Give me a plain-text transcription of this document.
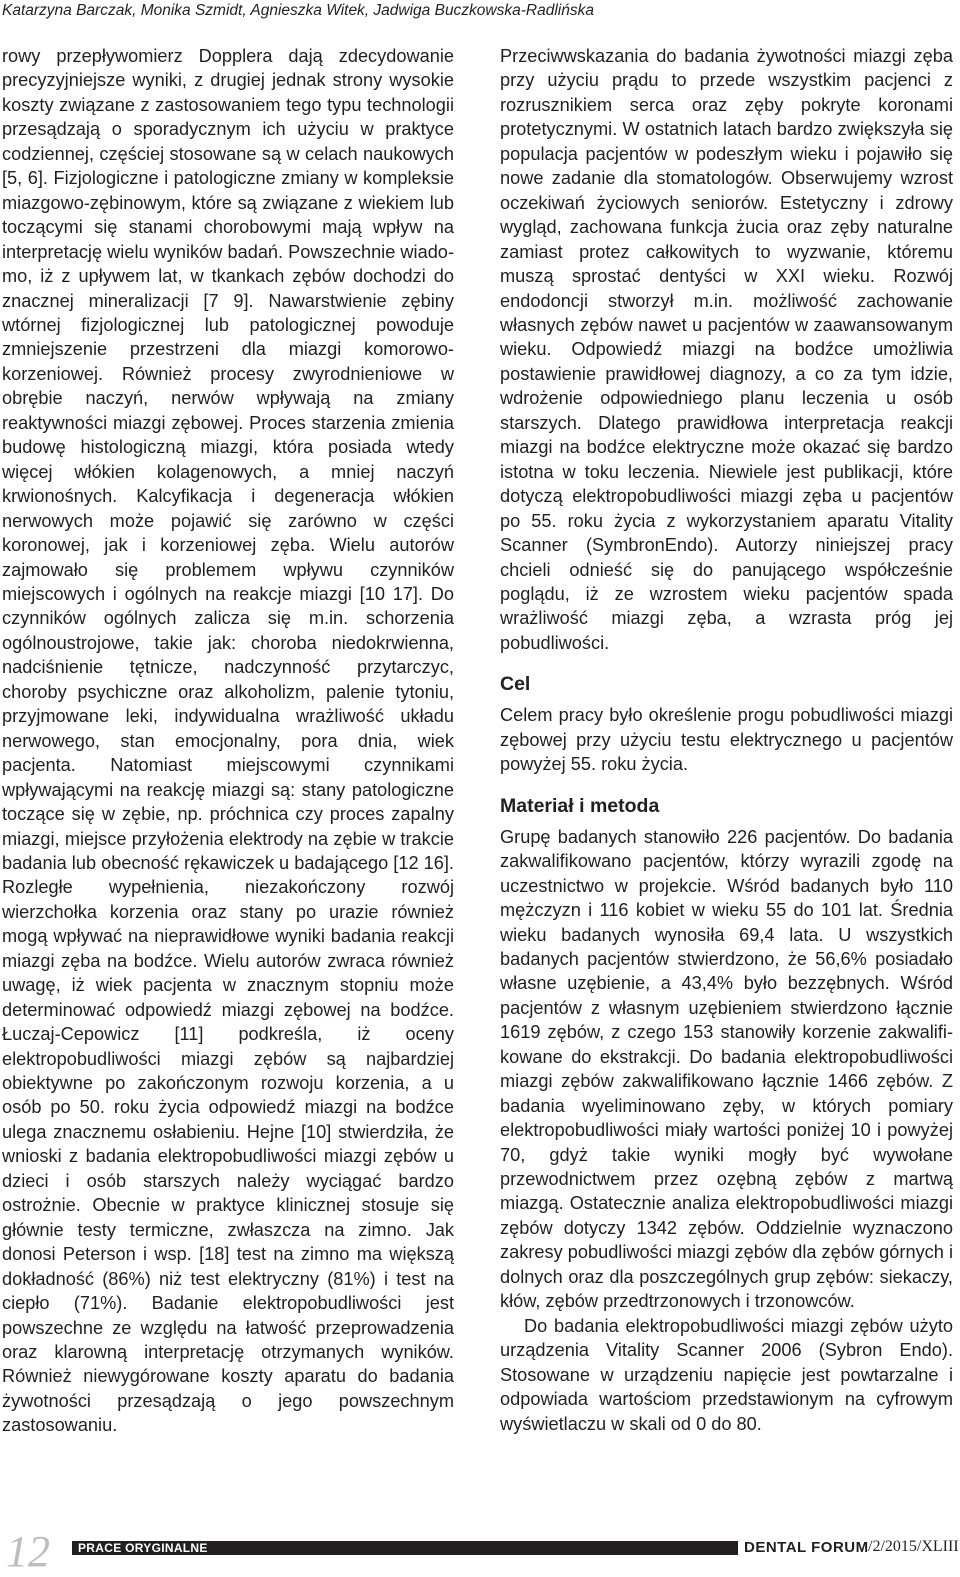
Katarzyna Barczak, Monika Szmidt, Agnieszka Witek, Jadwiga Buczkowska-Radlińska

rowy przepływomierz Dopplera dają zdecydowanie precyzyjniejsze wyniki, z drugiej jednak strony wysokie koszty związane z zastosowaniem tego typu technologii przesądzają o sporadycznym ich użyciu w praktyce codziennej, częściej stosowane są w celach naukowych [5, 6]. Fizjologiczne i patologiczne zmiany w kompleksie miazgowo-zębinowym, które są związane z wiekiem lub toczącymi się stanami chorobowymi mają wpływ na interpretację wielu wyników badań. Powszechnie wiadomo, iż z upływem lat, w tkankach zębów dochodzi do znacznej mineralizacji [7 9]. Nawarstwienie zębiny wtórnej fizjologicznej lub patologicznej powoduje zmniejszenie przestrzeni dla miazgi komorowo-korzeniowej. Również procesy zwyrodnieniowe w obrębie naczyń, nerwów wpływają na zmiany reaktywności miazgi zębowej. Proces starzenia zmienia budowę histologiczną miazgi, która posiada wtedy więcej włókien kolagenowych, a mniej naczyń krwionośnych. Kalcyfikacja i degeneracja włókien nerwowych może pojawić się zarówno w części koronowej, jak i korzeniowej zęba. Wielu autorów zajmowało się problemem wpływu czynników miejscowych i ogólnych na reakcje miazgi [10 17]. Do czynników ogólnych zalicza się m.in. schorzenia ogólnoustrojowe, takie jak: choroba niedokrwienna, nadciśnienie tętnicze, nadczynność przytarczyc, choroby psychiczne oraz alkoholizm, palenie tytoniu, przyjmowane leki, indywidualna wrażliwość układu nerwowego, stan emocjonalny, pora dnia, wiek pacjenta. Natomiast miejscowymi czynnikami wpływającymi na reakcję miazgi są: stany patologiczne toczące się w zębie, np. próchnica czy proces zapalny miazgi, miejsce przyłożenia elektrody na zębie w trakcie badania lub obecność rękawiczek u badającego [12 16]. Rozległe wypełnienia, niezakończony rozwój wierzchołka korzenia oraz stany po urazie również mogą wpływać na nieprawidłowe wyniki badania reakcji miazgi zęba na bodźce. Wielu autorów zwraca również uwagę, iż wiek pacjenta w znacznym stopniu może determinować odpowiedź miazgi zębowej na bodźce. Łuczaj-Cepowicz [11] podkreśla, iż oceny elektropobudliwości miazgi zębów są najbardziej obiektywne po zakończonym rozwoju korzenia, a u osób po 50. roku życia odpowiedź miazgi na bodźce ulega znacznemu osłabieniu. Hejne [10] stwierdziła, że wnioski z badania elektropobudliwości miazgi zębów u dzieci i osób starszych należy wyciągać bardzo ostrożnie. Obecnie w praktyce klinicznej stosuje się głównie testy termiczne, zwłaszcza na zimno. Jak donosi Peterson i wsp. [18] test na zimno ma większą dokładność (86%) niż test elektryczny (81%) i test na ciepło (71%). Badanie elektropobudliwości jest powszechne ze względu na łatwość przeprowadzenia oraz klarowną interpretację otrzymanych wyników. Również niewygórowane koszty aparatu do badania żywotności przesądzają o jego powszechnym zastosowaniu.

Przeciwwskazania do badania żywotności miazgi zęba przy użyciu prądu to przede wszystkim pacjenci z rozrusznikiem serca oraz zęby pokryte koronami protetycznymi. W ostatnich latach bardzo zwiększyła się populacja pacjentów w podeszłym wieku i pojawiło się nowe zadanie dla stomatologów. Obserwujemy wzrost oczekiwań życiowych seniorów. Estetyczny i zdrowy wygląd, zachowana funkcja żucia oraz zęby naturalne zamiast protez całkowitych to wyzwanie, któremu muszą sprostać dentyści w XXI wieku. Rozwój endodoncji stworzył m.in. możliwość zachowanie własnych zębów nawet u pacjentów w zaawansowanym wieku. Odpowiedź miazgi na bodźce umożliwia postawienie prawidłowej diagnozy, a co za tym idzie, wdrożenie odpowiedniego planu leczenia u osób starszych. Dlatego prawidłowa interpretacja reakcji miazgi na bodźce elektryczne może okazać się bardzo istotna w toku leczenia. Niewiele jest publikacji, które dotyczą elektropobudliwości miazgi zęba u pacjentów po 55. roku życia z wykorzystaniem aparatu Vitality Scanner (SymbronEndo). Autorzy niniejszej pracy chcieli odnieść się do panującego współcześnie poglądu, iż ze wzrostem wieku pacjentów spada wrażliwość miazgi zęba, a wzrasta próg jej pobudliwości.

Cel

Celem pracy było określenie progu pobudliwości miazgi zębowej przy użyciu testu elektrycznego u pacjentów powyżej 55. roku życia.

Materiał i metoda

Grupę badanych stanowiło 226 pacjentów. Do badania zakwalifikowano pacjentów, którzy wyrazili zgodę na uczestnictwo w projekcie. Wśród badanych było 110 mężczyzn i 116 kobiet w wieku 55 do 101 lat. Średnia wieku badanych wynosiła 69,4 lata. U wszystkich badanych pacjentów stwierdzono, że 56,6% posiadało własne uzębienie, a 43,4% było bezzębnych. Wśród pacjentów z własnym uzębieniem stwierdzono łącznie 1619 zębów, z czego 153 stanowiły korzenie zakwalifikowane do ekstrakcji. Do badania elektropobudliwości miazgi zębów zakwalifikowano łącznie 1466 zębów. Z badania wyeliminowano zęby, w których pomiary elektropobudliwości miały wartości poniżej 10 i powyżej 70, gdyż takie wyniki mogły być wywołane przewodnictwem przez ozębną zębów z martwą miazgą. Ostatecznie analiza elektropobudliwości miazgi zębów dotyczy 1342 zębów. Oddzielnie wyznaczono zakresy pobudliwości miazgi zębów dla zębów górnych i dolnych oraz dla poszczególnych grup zębów: siekaczy, kłów, zębów przedtrzonowych i trzonowców.

Do badania elektropobudliwości miazgi zębów użyto urządzenia Vitality Scanner 2006 (Sybron Endo). Stosowane w urządzeniu napięcie jest powtarzalne i odpowiada wartościom przedstawionym na cyfrowym wyświetlaczu w skali od 0 do 80.

12 PRACE ORYGINALNE	DENTAL FORUM /2/2015/XLIII
